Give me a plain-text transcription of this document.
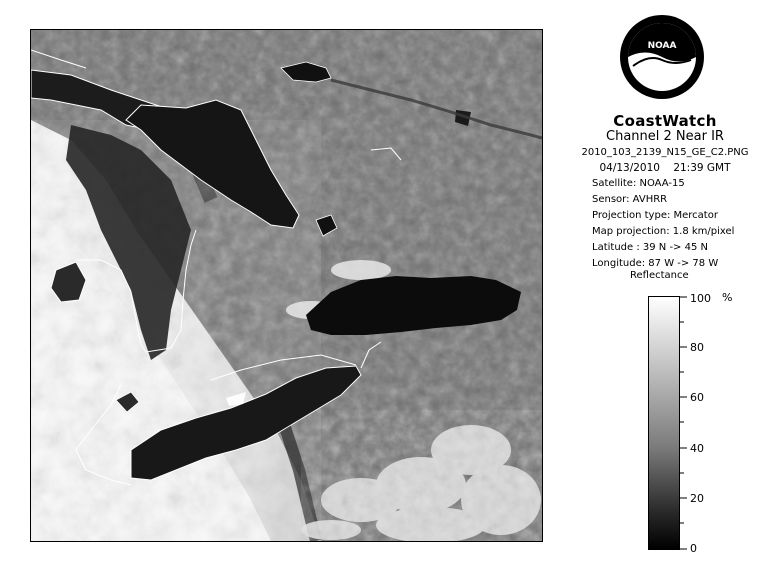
NOAA
CoastWatch
Channel 2 Near IR
2010_103_2139_N15_GE_C2.PNG
04/13/2010    21:39 GMT
Satellite: NOAA-15
Sensor: AVHRR
Projection type: Mercator
Map projection: 1.8 km/pixel
Latitude : 39 N -> 45 N
Longitude: 87 W -> 78 W
Reflectance
100
80
60
40
20
0
%
